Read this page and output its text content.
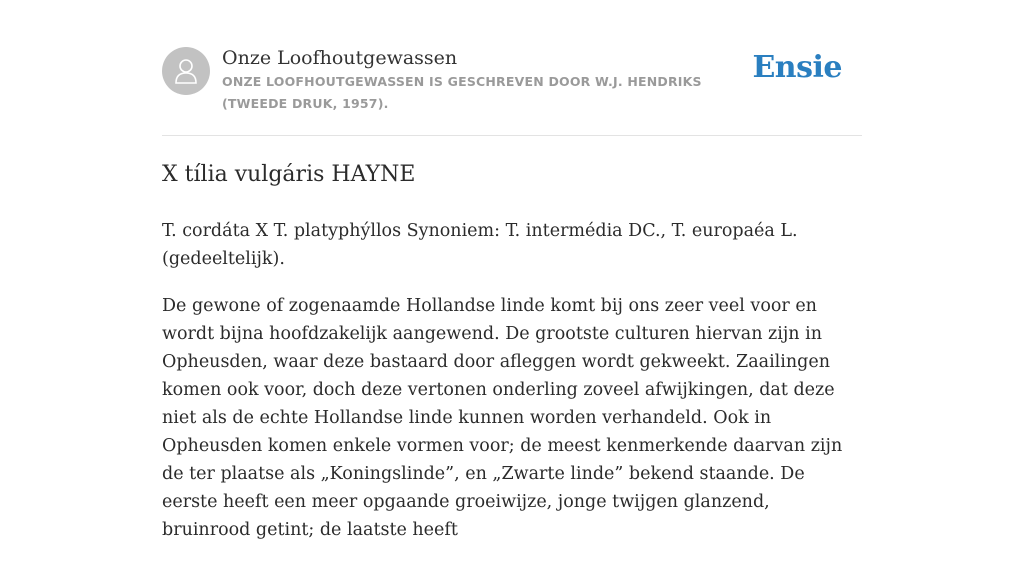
Onze Loofhoutgewassen
ONZE LOOFHOUTGEWASSEN IS GESCHREVEN DOOR W.J. HENDRIKS (TWEEDE DRUK, 1957).
Ensie
X tília vulgáris HAYNE

T. cordáta X T. platyphýllos Synoniem: T. intermédia DC., T. europaéa L. (gedeeltelijk).

De gewone of zogenaamde Hollandse linde komt bij ons zeer veel voor en wordt bijna hoofdzakelijk aangewend. De grootste culturen hiervan zijn in Opheusden, waar deze bastaard door afleggen wordt gekweekt. Zaailingen komen ook voor, doch deze vertonen onderling zoveel afwijkingen, dat deze niet als de echte Hollandse linde kunnen worden verhandeld. Ook in Opheusden komen enkele vormen voor; de meest kenmerkende daarvan zijn de ter plaatse als „Koningslinde”, en „Zwarte linde” bekend staande. De eerste heeft een meer opgaande groeiwijze, jonge twijgen glanzend, bruinrood getint; de laatste heeft
